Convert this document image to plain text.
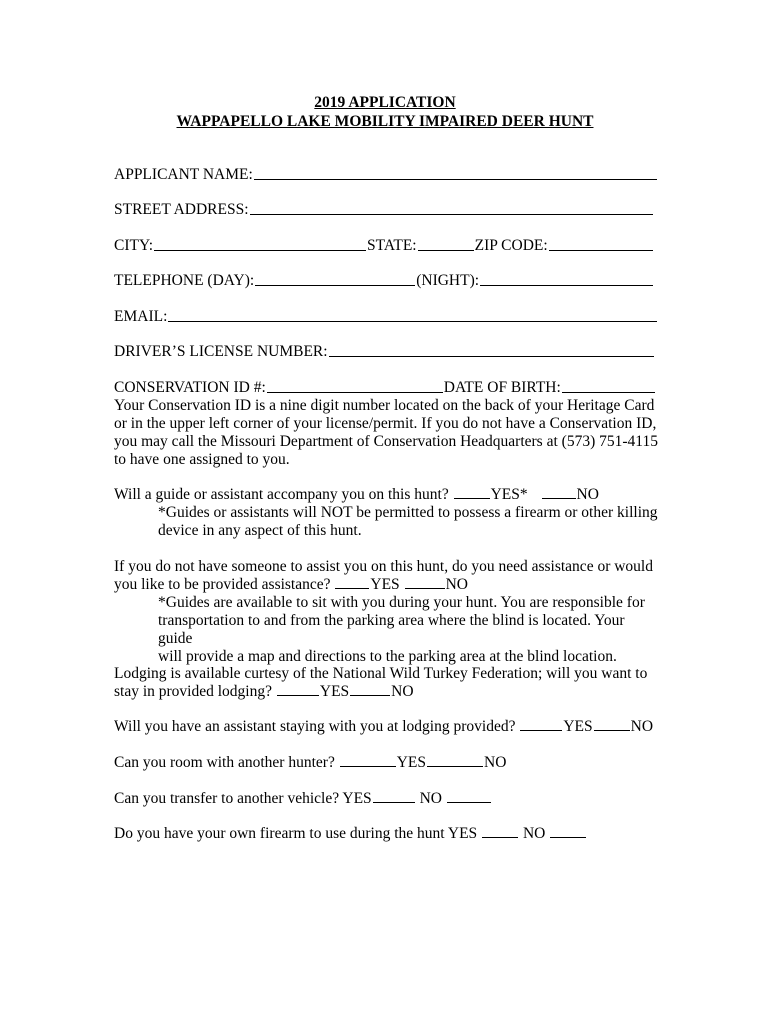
2019 APPLICATION
WAPPAPELLO LAKE MOBILITY IMPAIRED DEER HUNT
APPLICANT NAME:
STREET ADDRESS:
CITY:	STATE:	ZIP CODE:
TELEPHONE (DAY):	(NIGHT):
EMAIL:
DRIVER’S LICENSE NUMBER:
CONSERVATION ID #:	DATE OF BIRTH:
Your Conservation ID is a nine digit number located on the back of your Heritage Card
or in the upper left corner of your license/permit. If you do not have a Conservation ID,
you may call the Missouri Department of Conservation Headquarters at (573) 751-4115
to have one assigned to you.
Will a guide or assistant accompany you on this hunt?	YES*	NO
*Guides or assistants will NOT be permitted to possess a firearm or other killing
device in any aspect of this hunt.
If you do not have someone to assist you on this hunt, do you need assistance or would
you like to be provided assistance?	YES	NO
*Guides are available to sit with you during your hunt. You are responsible for
transportation to and from the parking area where the blind is located. Your guide
will provide a map and directions to the parking area at the blind location.
Lodging is available curtesy of the National Wild Turkey Federation; will you want to
stay in provided lodging?	YES	NO
Will you have an assistant staying with you at lodging provided?	YES NO
Can you room with another hunter?	YES	NO
Can you transfer to another vehicle? YES	NO
Do you have your own firearm to use during the hunt YES	NO
